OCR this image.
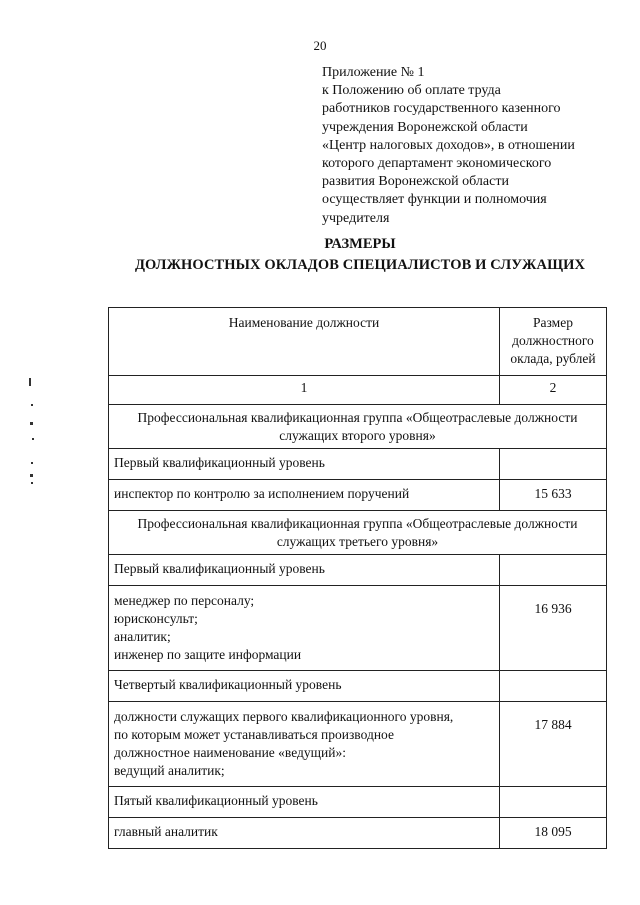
20
Приложение № 1
к Положению об оплате труда
работников государственного казенного
учреждения Воронежской области
«Центр налоговых доходов», в отношении
которого департамент экономического
развития Воронежской области
осуществляет функции и полномочия
учредителя
РАЗМЕРЫ
ДОЛЖНОСТНЫХ ОКЛАДОВ СПЕЦИАЛИСТОВ И СЛУЖАЩИХ
Наименование должности	Размер
должностного
оклада, рублей

1	2

Профессиональная квалификационная группа «Общеотраслевые должности
служащих второго уровня»	

Первый квалификационный уровень	
инспектор по контролю за исполнением поручений	15 633

Профессиональная квалификационная группа «Общеотраслевые должности
служащих третьего уровня»	

Первый квалификационный уровень	

менеджер по персоналу;
юрисконсульт;
аналитик;
инженер по защите информации	16 936
Четвертый квалификационный уровень	

должности служащих первого квалификационного уровня,
по которым может устанавливаться производное
должностное наименование «ведущий»:
ведущий аналитик;	17 884
Пятый квалификационный уровень	
главный аналитик	18 095
